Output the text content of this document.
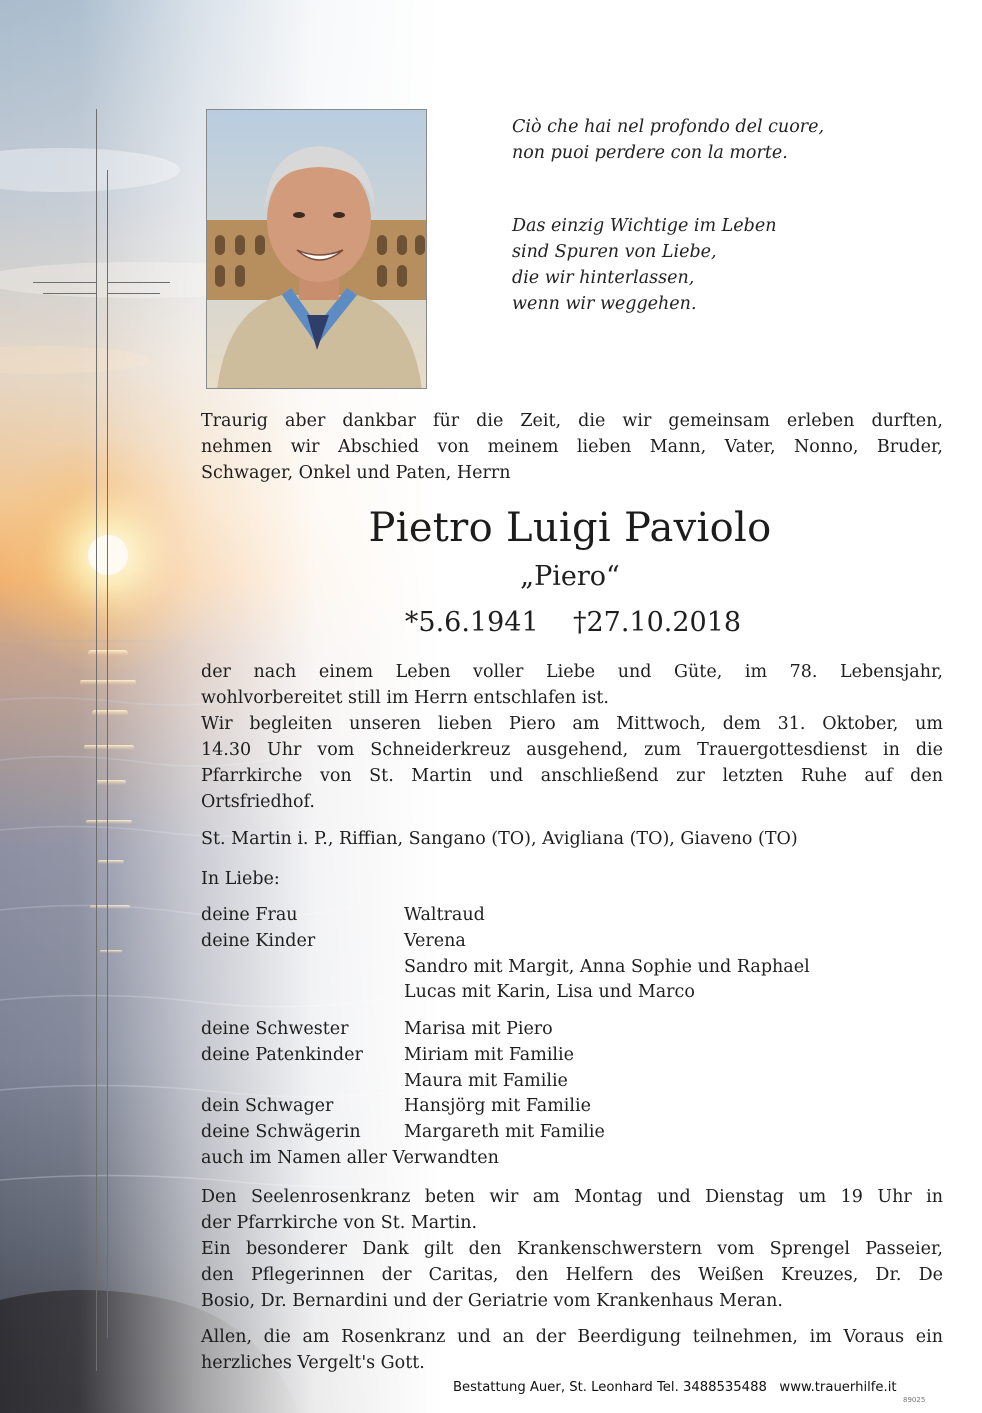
Ciò che hai nel profondo del cuore,
non puoi perdere con la morte.
Das einzig Wichtige im Leben
sind Spuren von Liebe,
die wir hinterlassen,
wenn wir weggehen.
Traurig aber dankbar für die Zeit, die wir gemeinsam erleben durften,
nehmen wir Abschied von meinem lieben Mann, Vater, Nonno, Bruder,
Schwager, Onkel und Paten, Herrn
Pietro Luigi Paviolo
„Piero“
*5.6.1941 †27.10.2018
der nach einem Leben voller Liebe und Güte, im 78. Lebensjahr,
wohlvorbereitet still im Herrn entschlafen ist.
Wir begleiten unseren lieben Piero am Mittwoch, dem 31. Oktober, um
14.30 Uhr vom Schneiderkreuz ausgehend, zum Trauergottesdienst in die
Pfarrkirche von St. Martin und anschließend zur letzten Ruhe auf den
Ortsfriedhof.
St. Martin i. P., Riffian, Sangano (TO), Avigliana (TO), Giaveno (TO)
In Liebe:
deine Frau	Waltraud
deine Kinder	Verena
Sandro mit Margit, Anna Sophie und Raphael
Lucas mit Karin, Lisa und Marco
deine Schwester	Marisa mit Piero
deine Patenkinder	Miriam mit Familie
Maura mit Familie
dein Schwager	Hansjörg mit Familie
deine Schwägerin	Margareth mit Familie
auch im Namen aller Verwandten
Den Seelenrosenkranz beten wir am Montag und Dienstag um 19 Uhr in
der Pfarrkirche von St. Martin.
Ein besonderer Dank gilt den Krankenschwerstern vom Sprengel Passeier,
den Pflegerinnen der Caritas, den Helfern des Weißen Kreuzes, Dr. De
Bosio, Dr. Bernardini und der Geriatrie vom Krankenhaus Meran.
Allen, die am Rosenkranz und an der Beerdigung teilnehmen, im Voraus ein
herzliches Vergelt's Gott.
Bestattung Auer, St. Leonhard Tel. 3488535488   www.trauerhilfe.it
89025
